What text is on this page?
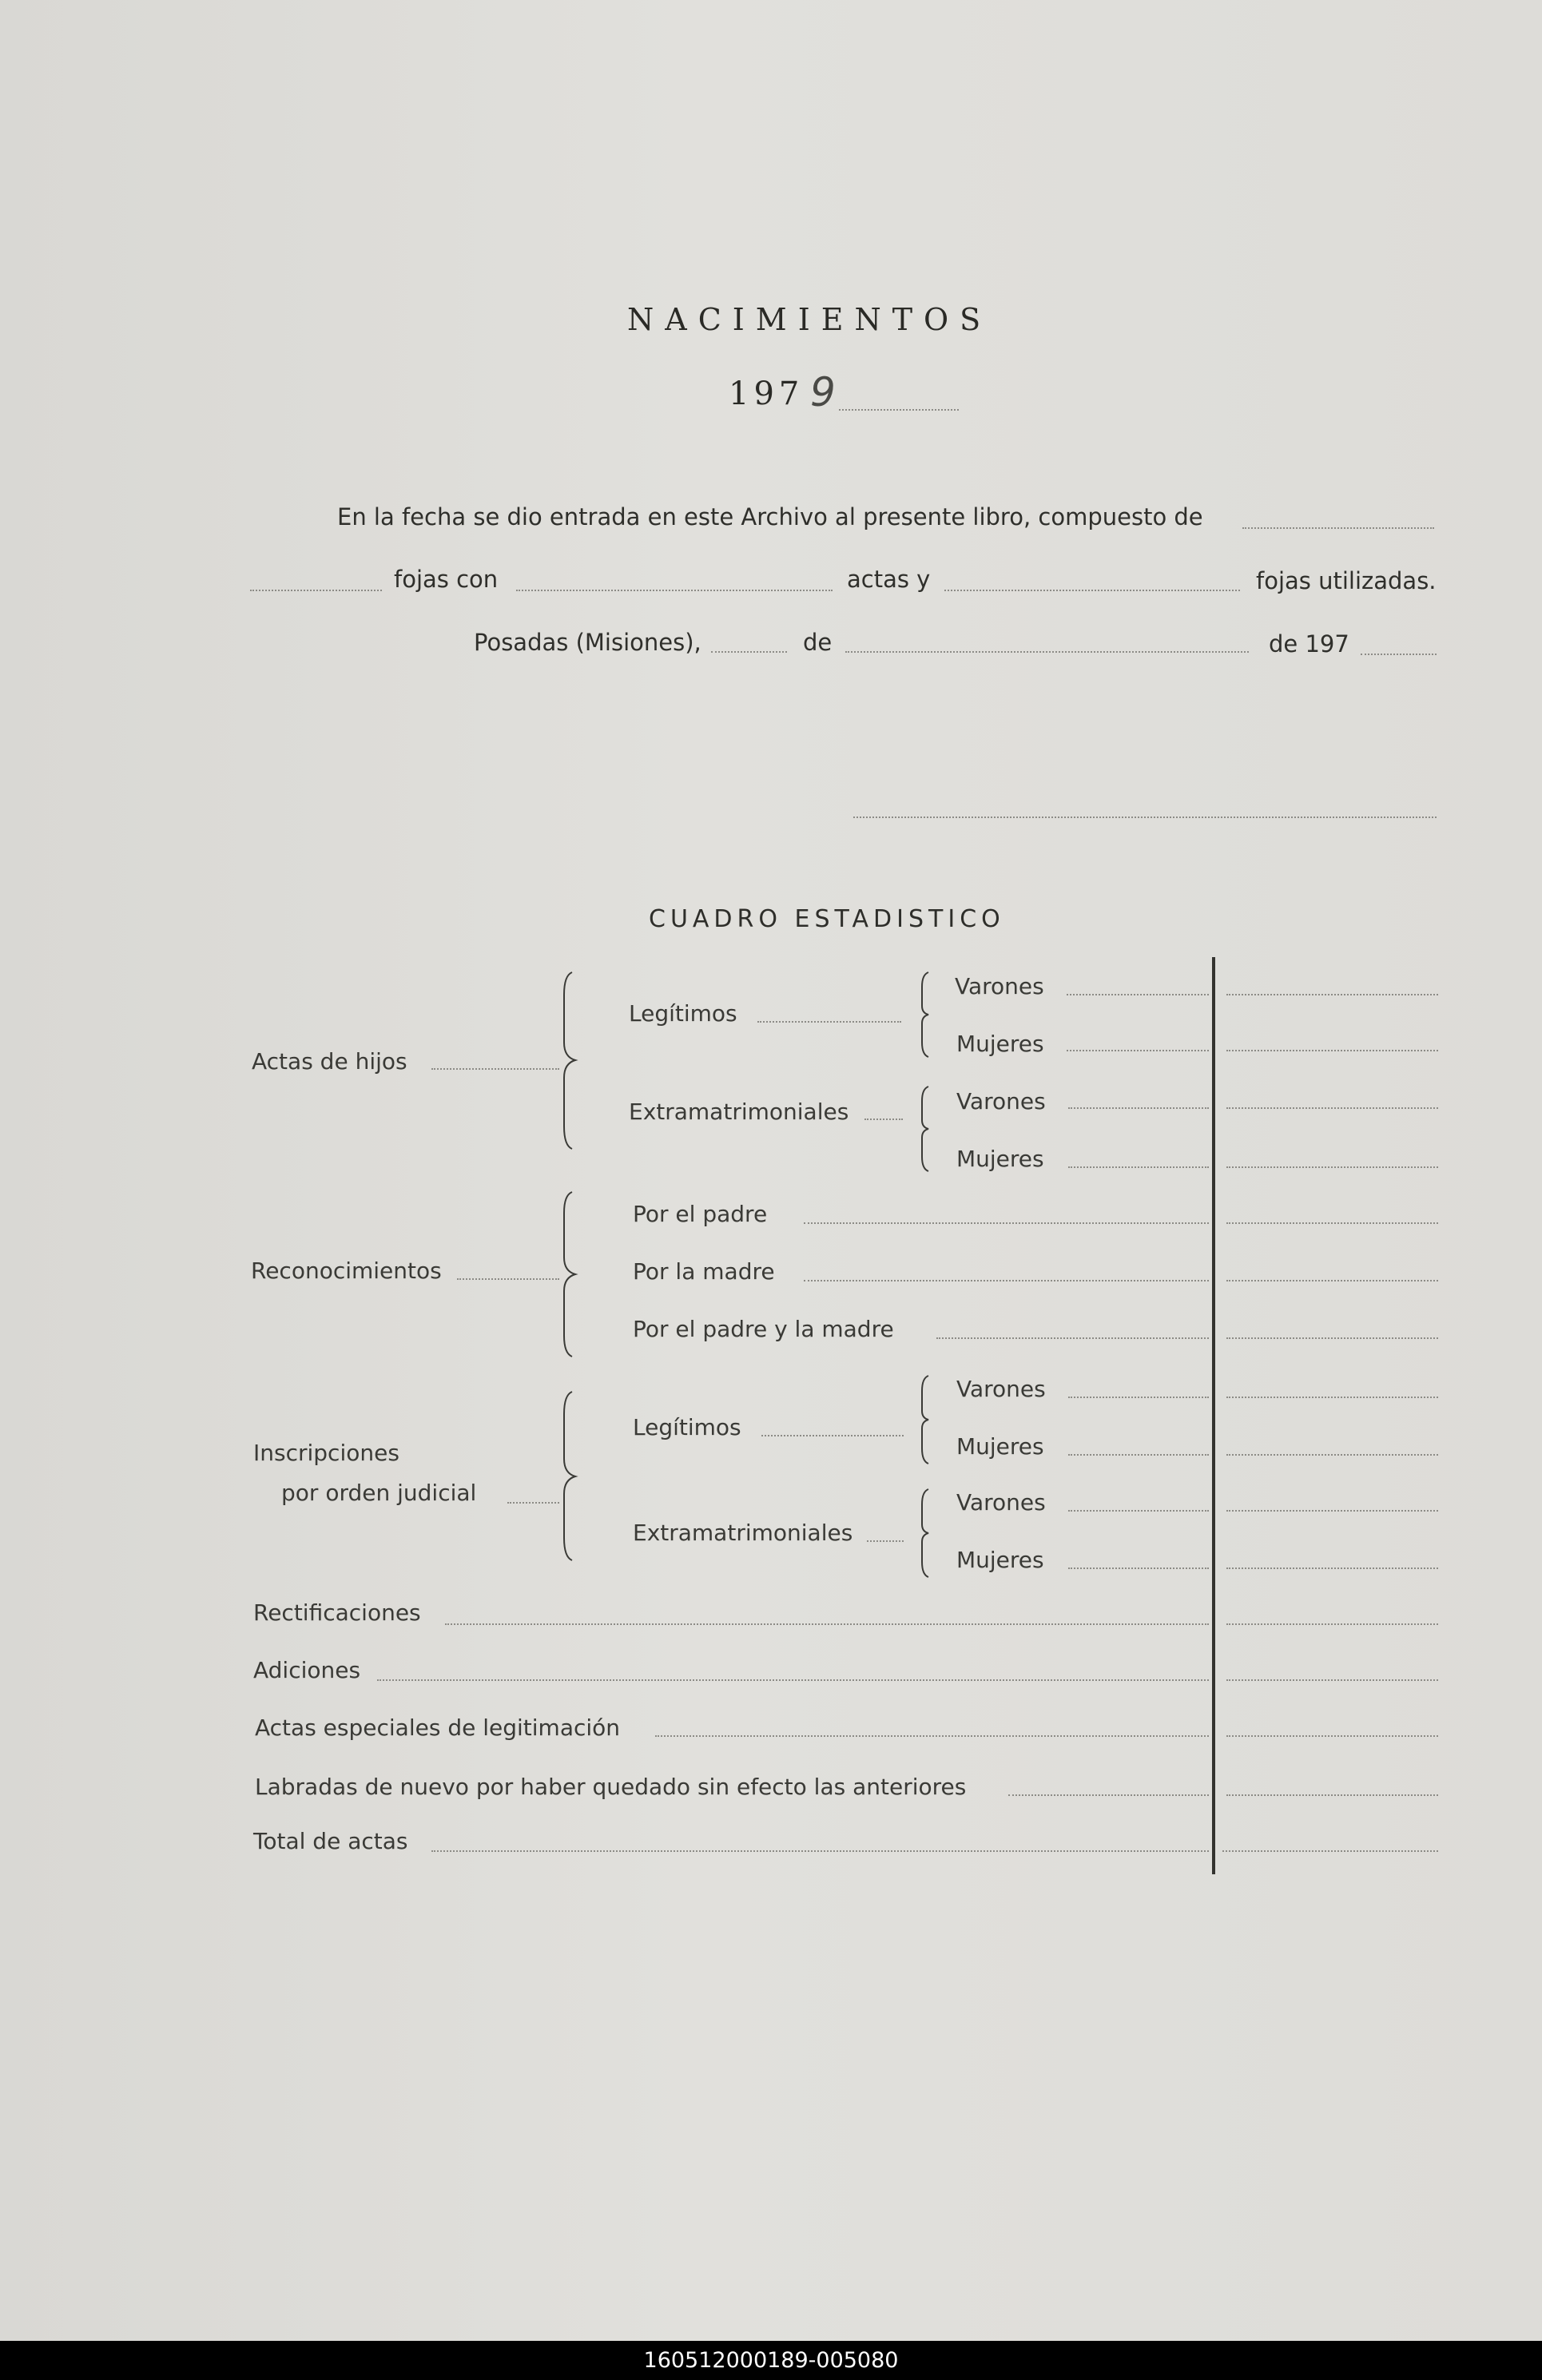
NACIMIENTOS
197 9
En la fecha se dio entrada en este Archivo al presente libro, compuesto de
fojas con	actas y	fojas utilizadas.
Posadas (Misiones),	de	de 197
CUADRO ESTADISTICO
Actas de hijos
Legítimos
Varones
Mujeres
Extramatrimoniales	Varones
Mujeres
Reconocimientos
Por el padre
Por la madre
Por el padre y la madre
Inscripciones
por orden judicial
Legítimos
Varones
Mujeres
Extramatrimoniales
Varones
Mujeres
Rectificaciones
Adiciones
Actas especiales de legitimación
Labradas de nuevo por haber quedado sin efecto las anteriores
Total de actas
160512000189-005080
